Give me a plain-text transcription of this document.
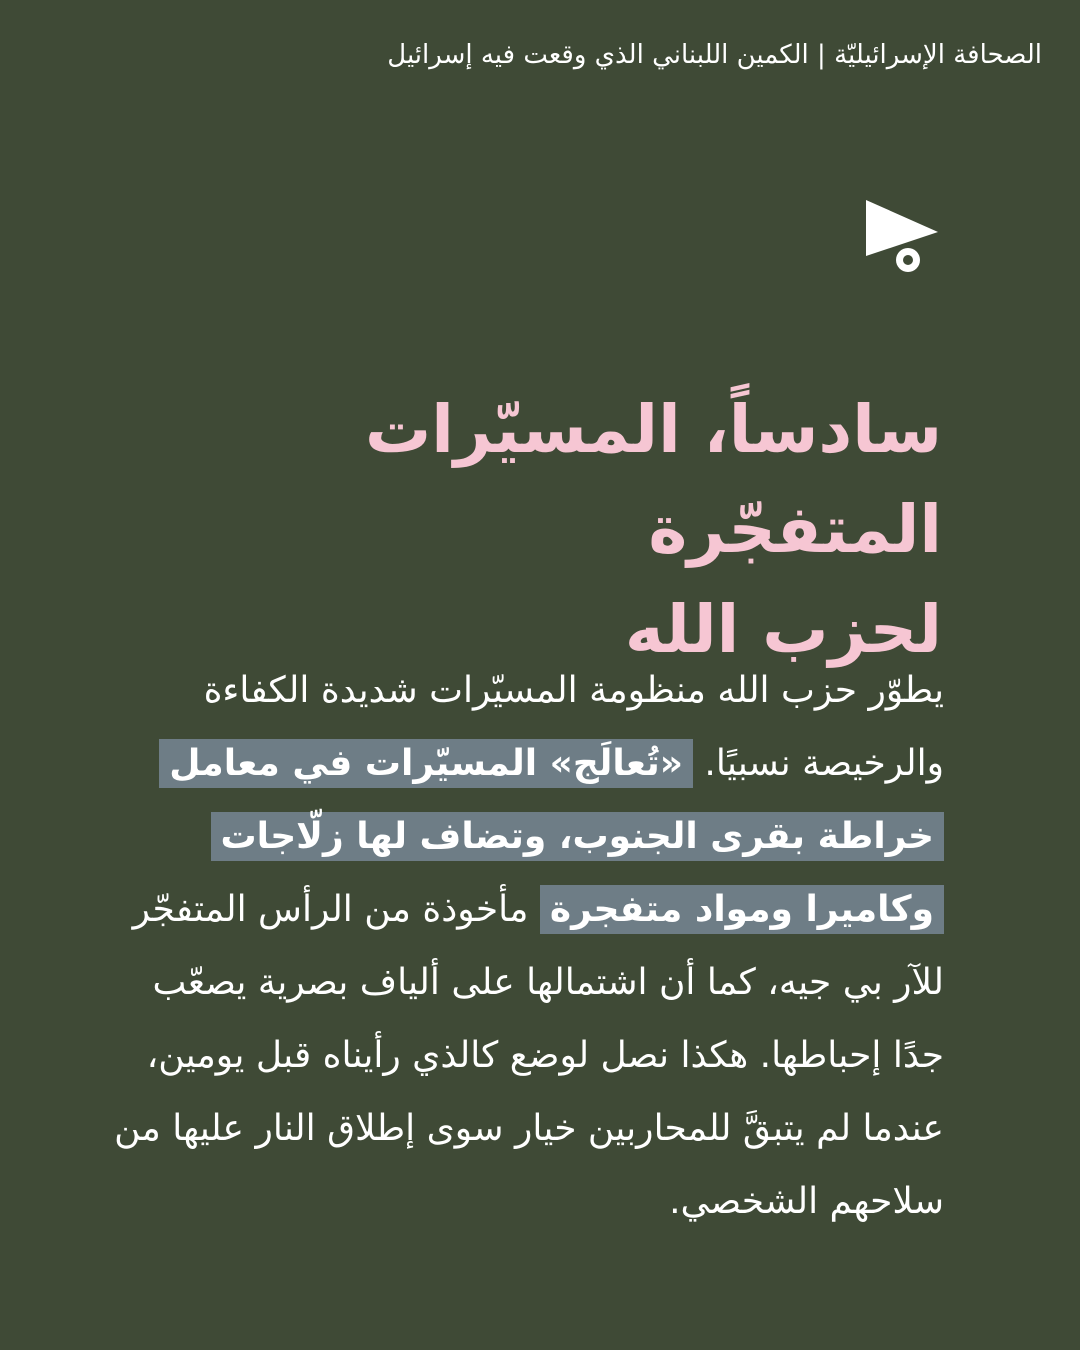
الصحافة الإسرائيليّة | الكمين اللبناني الذي وقعت فيه إسرائيل
سادساً، المسيّرات المتفجّرة
لحزب الله

يطوّر حزب الله منظومة المسيّرات شديدة الكفاءة والرخيصة نسبيًا. «تُعالَج» المسيّرات في معامل خراطة بقرى الجنوب، وتضاف لها زلّاجات وكاميرا ومواد متفجرة مأخوذة من الرأس المتفجّر للآر بي جيه، كما أن اشتمالها على ألياف بصرية يصعّب جدًا إحباطها. هكذا نصل لوضع كالذي رأيناه قبل يومين، عندما لم يتبقَّ للمحاربين خيار سوى إطلاق النار عليها من سلاحهم الشخصي.
